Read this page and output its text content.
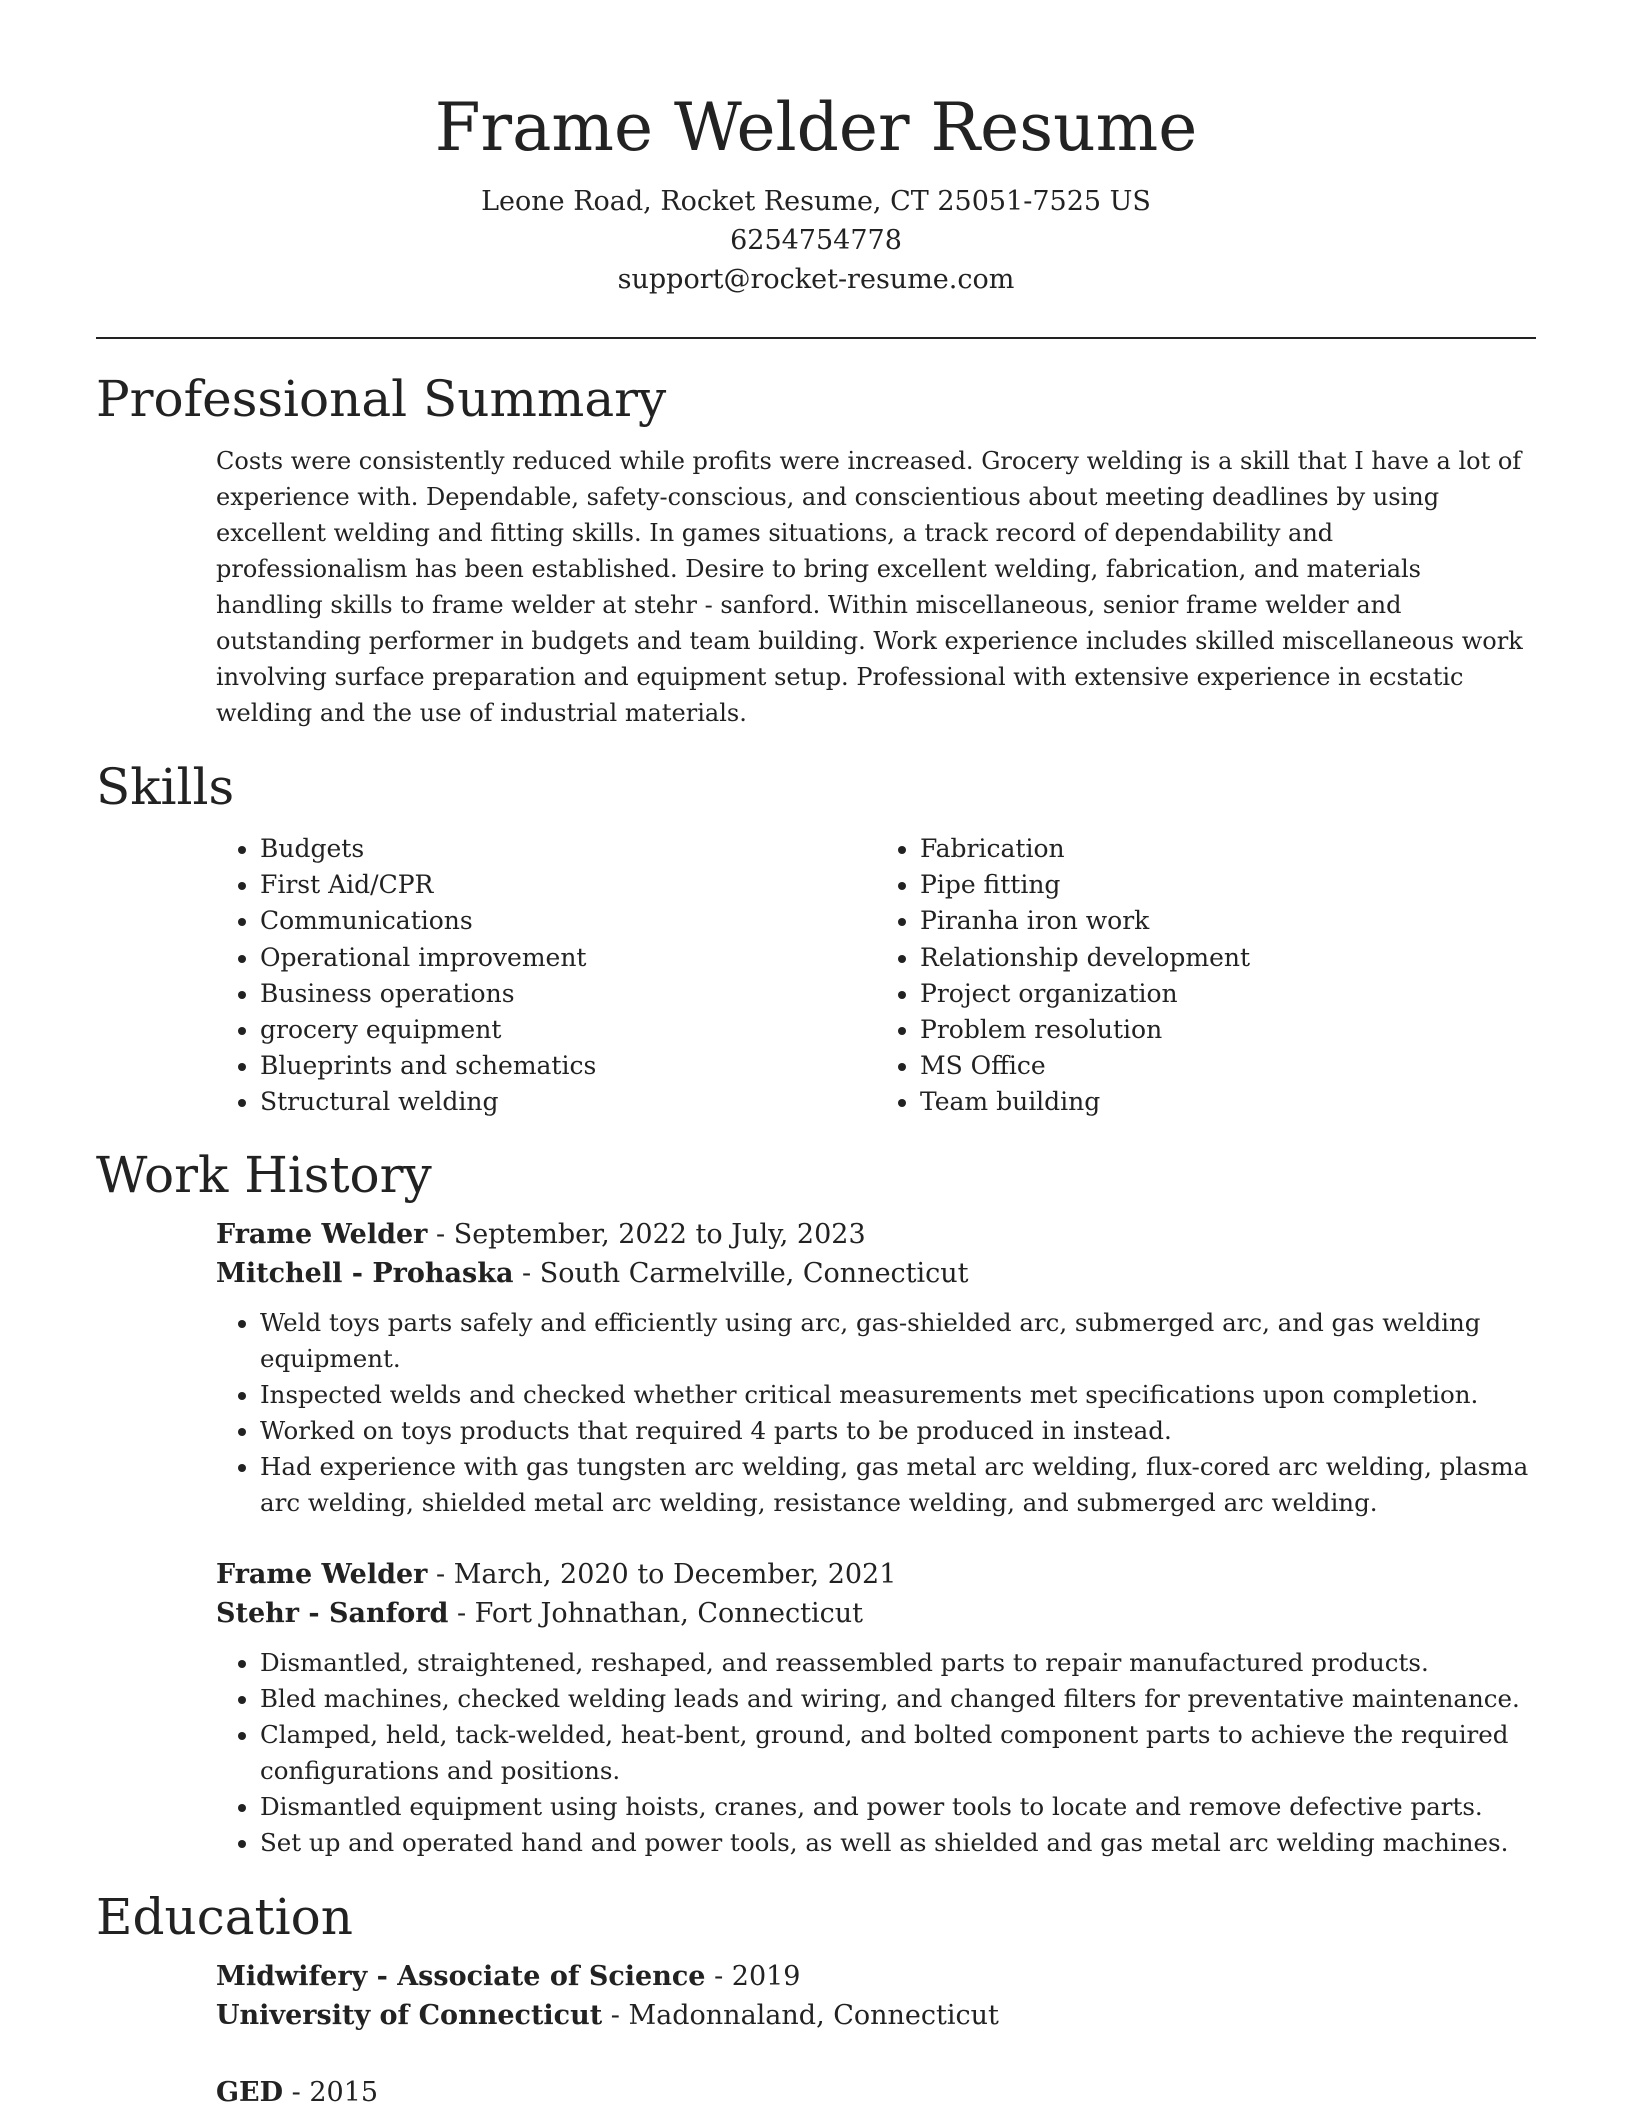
Frame Welder Resume

Leone Road, Rocket Resume, CT 25051-7525 US

6254754778

support@rocket-resume.com

Professional Summary

Costs were consistently reduced while profits were increased. Grocery welding is a skill that I have a lot of experience with. Dependable, safety-conscious, and conscientious about meeting deadlines by using excellent welding and fitting skills. In games situations, a track record of dependability and professionalism has been established. Desire to bring excellent welding, fabrication, and materials handling skills to frame welder at stehr - sanford. Within miscellaneous, senior frame welder and outstanding performer in budgets and team building. Work experience includes skilled miscellaneous work involving surface preparation and equipment setup. Professional with extensive experience in ecstatic welding and the use of industrial materials.

Skills
• Budgets
• First Aid/CPR
• Communications
• Operational improvement
• Business operations
• grocery equipment
• Blueprints and schematics
• Structural welding
• Fabrication
• Pipe fitting
• Piranha iron work
• Relationship development
• Project organization
• Problem resolution
• MS Office
• Team building
Work History

Frame Welder - September, 2022 to July, 2023

Mitchell - Prohaska - South Carmelville, Connecticut

• Weld toys parts safely and efficiently using arc, gas-shielded arc, submerged arc, and gas welding equipment.
• Inspected welds and checked whether critical measurements met specifications upon completion.
• Worked on toys products that required 4 parts to be produced in instead.
• Had experience with gas tungsten arc welding, gas metal arc welding, flux-cored arc welding, plasma arc welding, shielded metal arc welding, resistance welding, and submerged arc welding.

Frame Welder - March, 2020 to December, 2021

Stehr - Sanford - Fort Johnathan, Connecticut

• Dismantled, straightened, reshaped, and reassembled parts to repair manufactured products.
• Bled machines, checked welding leads and wiring, and changed filters for preventative maintenance.
• Clamped, held, tack-welded, heat-bent, ground, and bolted component parts to achieve the required configurations and positions.
• Dismantled equipment using hoists, cranes, and power tools to locate and remove defective parts.
• Set up and operated hand and power tools, as well as shielded and gas metal arc welding machines.
Education

Midwifery - Associate of Science - 2019

University of Connecticut - Madonnaland, Connecticut

GED - 2015
